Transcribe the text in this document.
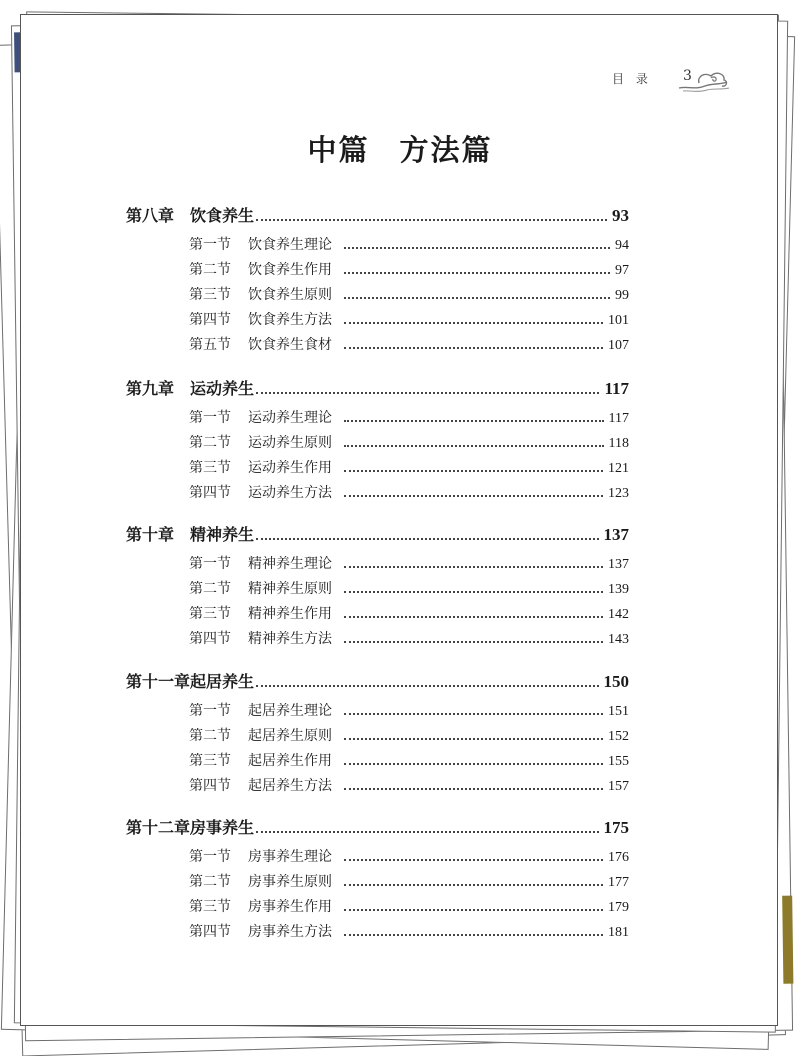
目 录 3
中篇 方法篇
第八章 饮食养生	93
第一节	饮食养生理论	94
第二节	饮食养生作用	97
第三节	饮食养生原则	99
第四节	饮食养生方法	101
第五节	饮食养生食材	107
第九章 运动养生	117
第一节	运动养生理论	117
第二节	运动养生原则	118
第三节	运动养生作用	121
第四节	运动养生方法	123
第十章 精神养生	137
第一节	精神养生理论	137
第二节	精神养生原则	139
第三节	精神养生作用	142
第四节	精神养生方法	143
第十一章 起居养生	150
第一节	起居养生理论	151
第二节	起居养生原则	152
第三节	起居养生作用	155
第四节	起居养生方法	157
第十二章 房事养生	175
第一节	房事养生理论	176
第二节	房事养生原则	177
第三节	房事养生作用	179
第四节	房事养生方法	181
